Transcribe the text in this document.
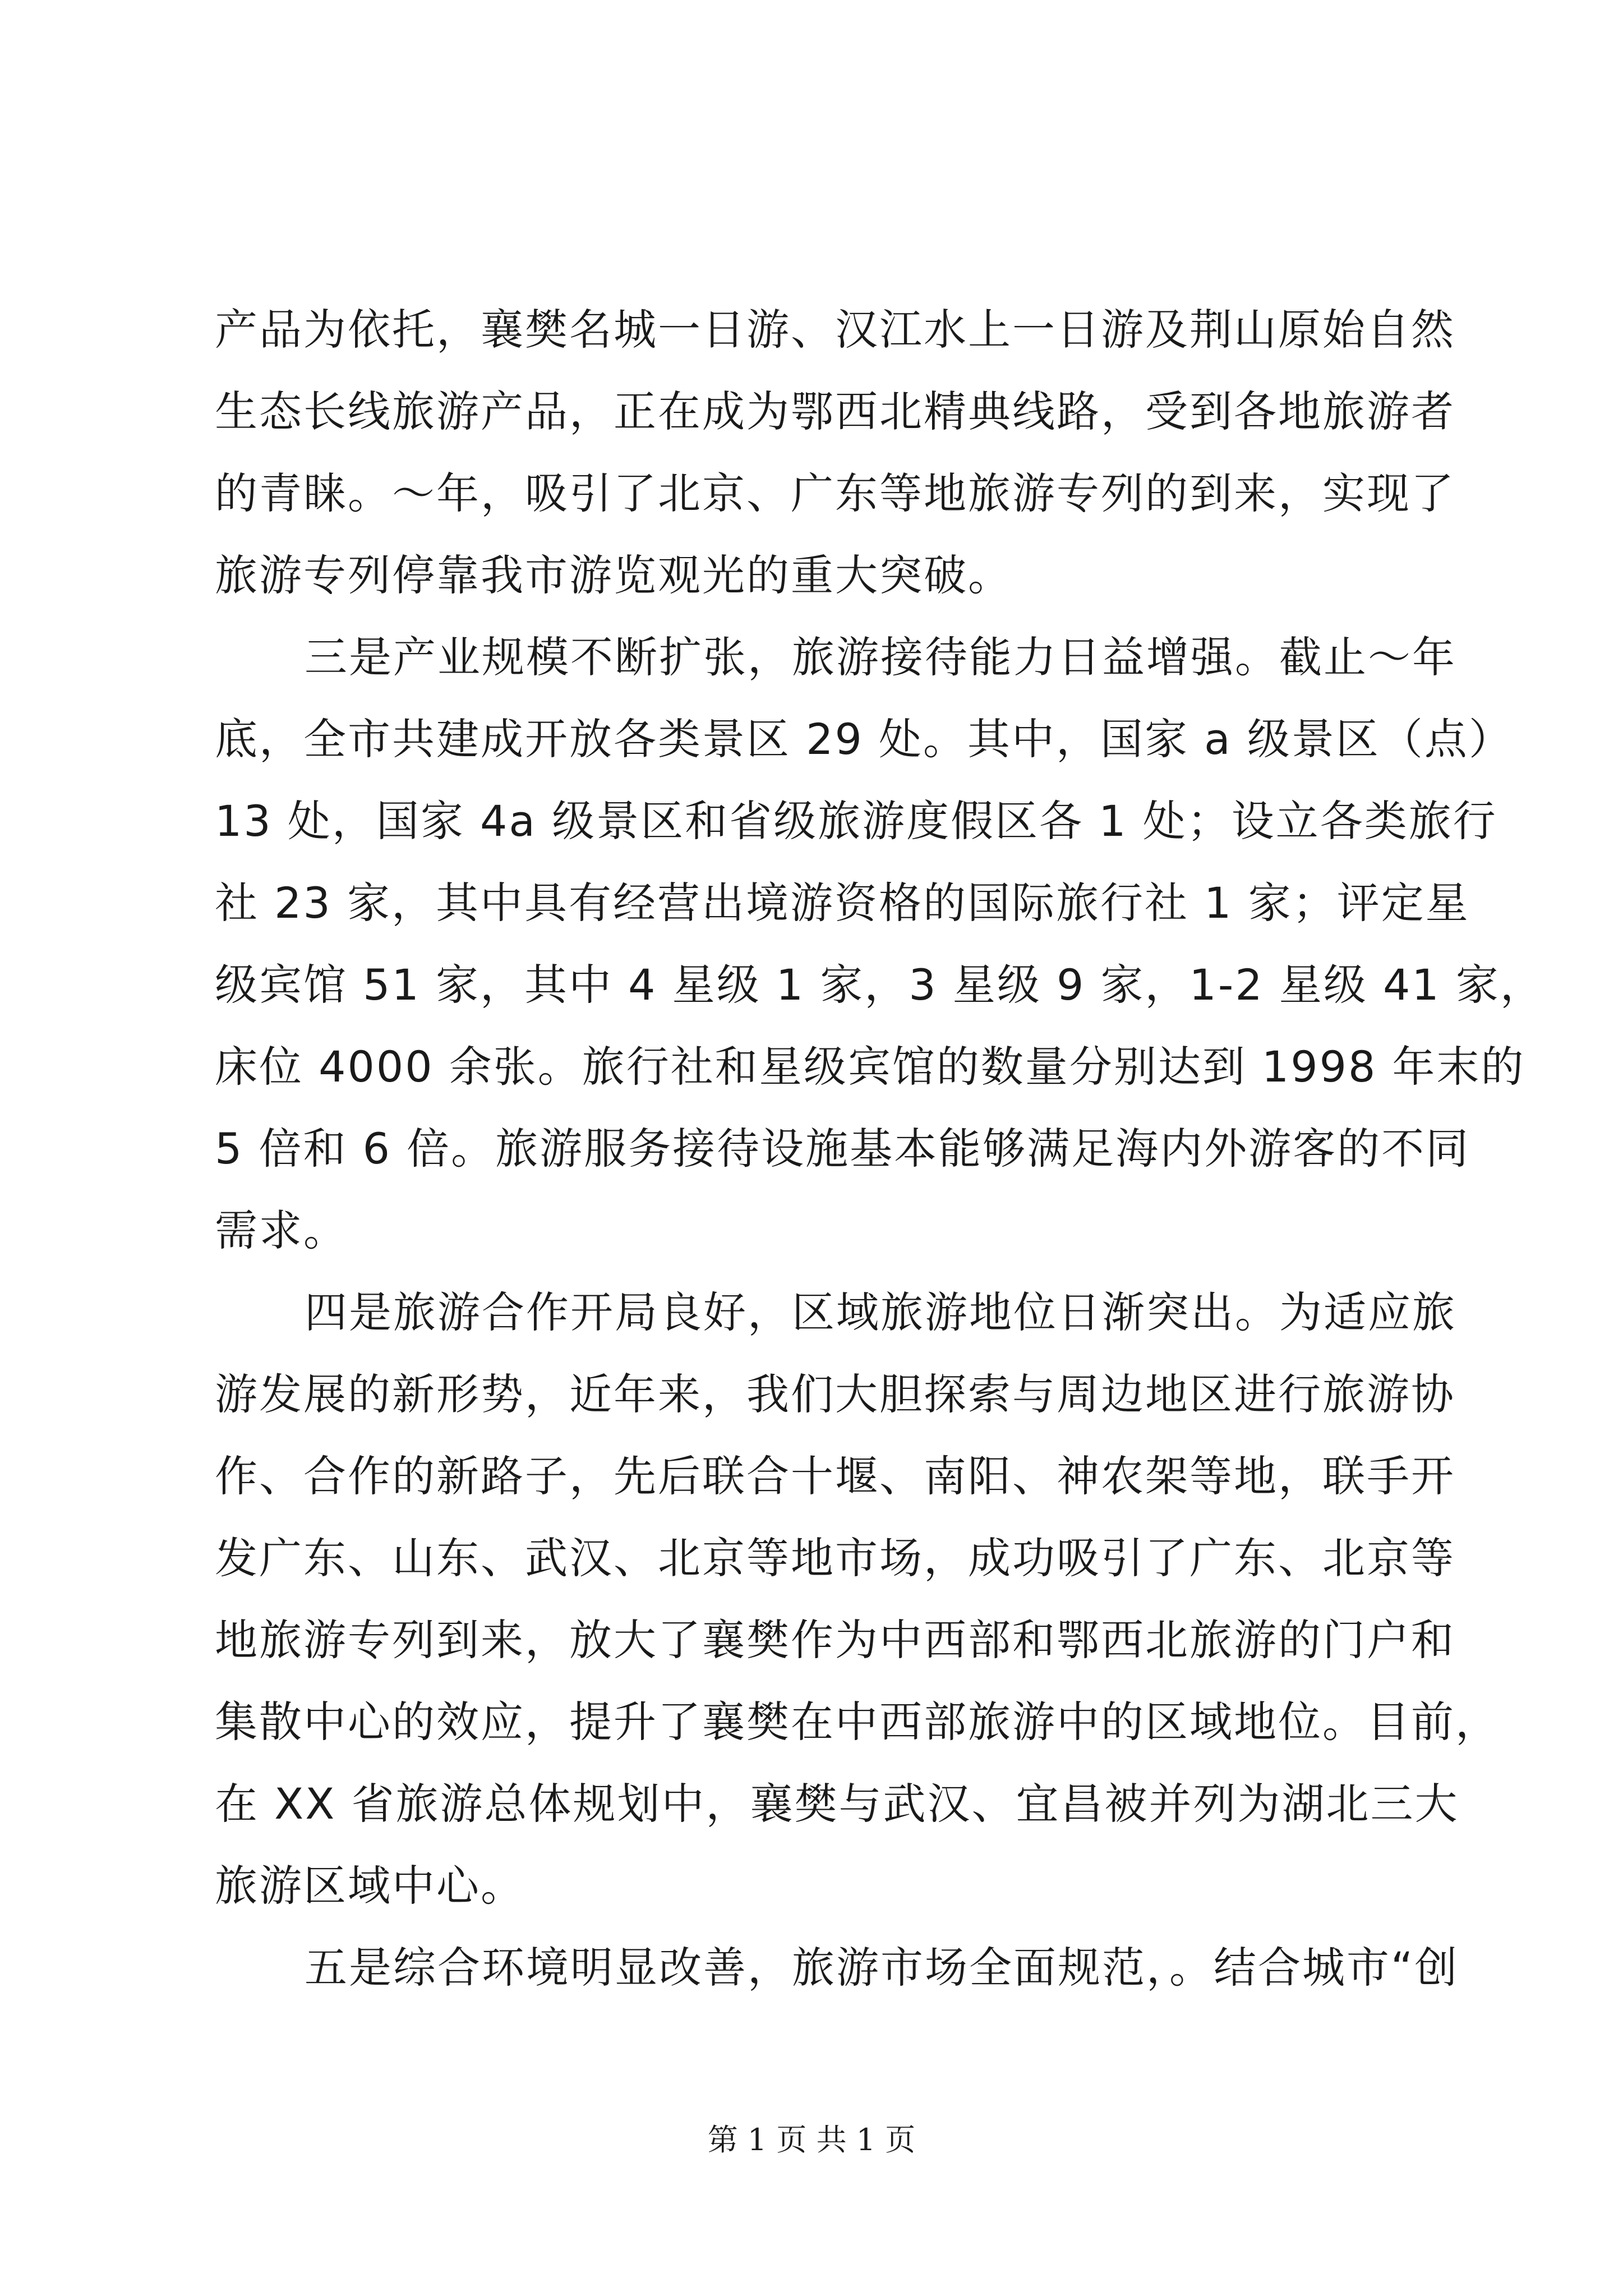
产品为依托，襄樊名城一日游、汉江水上一日游及荆山原始自然
生态长线旅游产品，正在成为鄂西北精典线路，受到各地旅游者
的青睐。～年，吸引了北京、广东等地旅游专列的到来，实现了
旅游专列停靠我市游览观光的重大突破。
三是产业规模不断扩张，旅游接待能力日益增强。截止～年
底，全市共建成开放各类景区 29 处。其中，国家 a 级景区（点）
13 处，国家 4a 级景区和省级旅游度假区各 1 处；设立各类旅行
社 23 家，其中具有经营出境游资格的国际旅行社 1 家；评定星
级宾馆 51 家，其中 4 星级 1 家，3 星级 9 家，1-2 星级 41 家，
床位 4000 余张。旅行社和星级宾馆的数量分别达到 1998 年末的
5 倍和 6 倍。旅游服务接待设施基本能够满足海内外游客的不同
需求。
四是旅游合作开局良好，区域旅游地位日渐突出。为适应旅
游发展的新形势，近年来，我们大胆探索与周边地区进行旅游协
作、合作的新路子，先后联合十堰、南阳、神农架等地，联手开
发广东、山东、武汉、北京等地市场，成功吸引了广东、北京等
地旅游专列到来，放大了襄樊作为中西部和鄂西北旅游的门户和
集散中心的效应，提升了襄樊在中西部旅游中的区域地位。目前，
在 XX 省旅游总体规划中，襄樊与武汉、宜昌被并列为湖北三大
旅游区域中心。
五是综合环境明显改善，旅游市场全面规范，。结合城市“创
第 1 页 共 1 页
